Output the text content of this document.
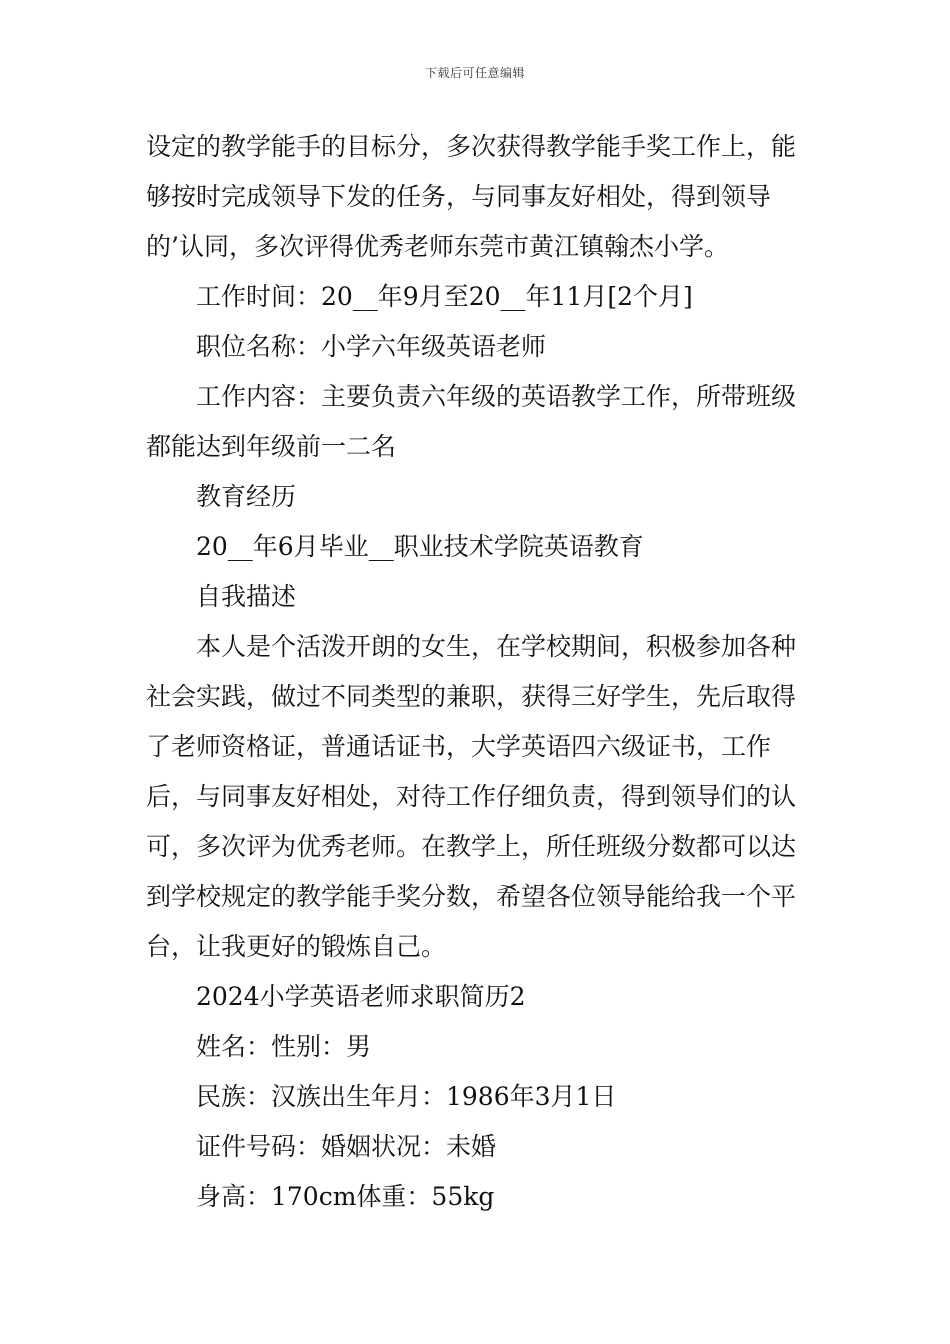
下载后可任意编辑

设定的教学能手的目标分，多次获得教学能手奖工作上，能够按时完成领导下发的任务，与同事友好相处，得到领导的’认同，多次评得优秀老师东莞市黄江镇翰杰小学。

工作时间：20__年9月至20__年11月[2个月]

职位名称：小学六年级英语老师

工作内容：主要负责六年级的英语教学工作，所带班级都能达到年级前一二名

教育经历

20__年6月毕业__职业技术学院英语教育

自我描述

本人是个活泼开朗的女生，在学校期间，积极参加各种社会实践，做过不同类型的兼职，获得三好学生，先后取得了老师资格证，普通话证书，大学英语四六级证书，工作后，与同事友好相处，对待工作仔细负责，得到领导们的认可，多次评为优秀老师。在教学上，所任班级分数都可以达到学校规定的教学能手奖分数，希望各位领导能给我一个平台，让我更好的锻炼自己。

2024小学英语老师求职简历2

姓名：性别：男

民族：汉族出生年月：1986年3月1日

证件号码：婚姻状况：未婚

身高：170cm体重：55kg
